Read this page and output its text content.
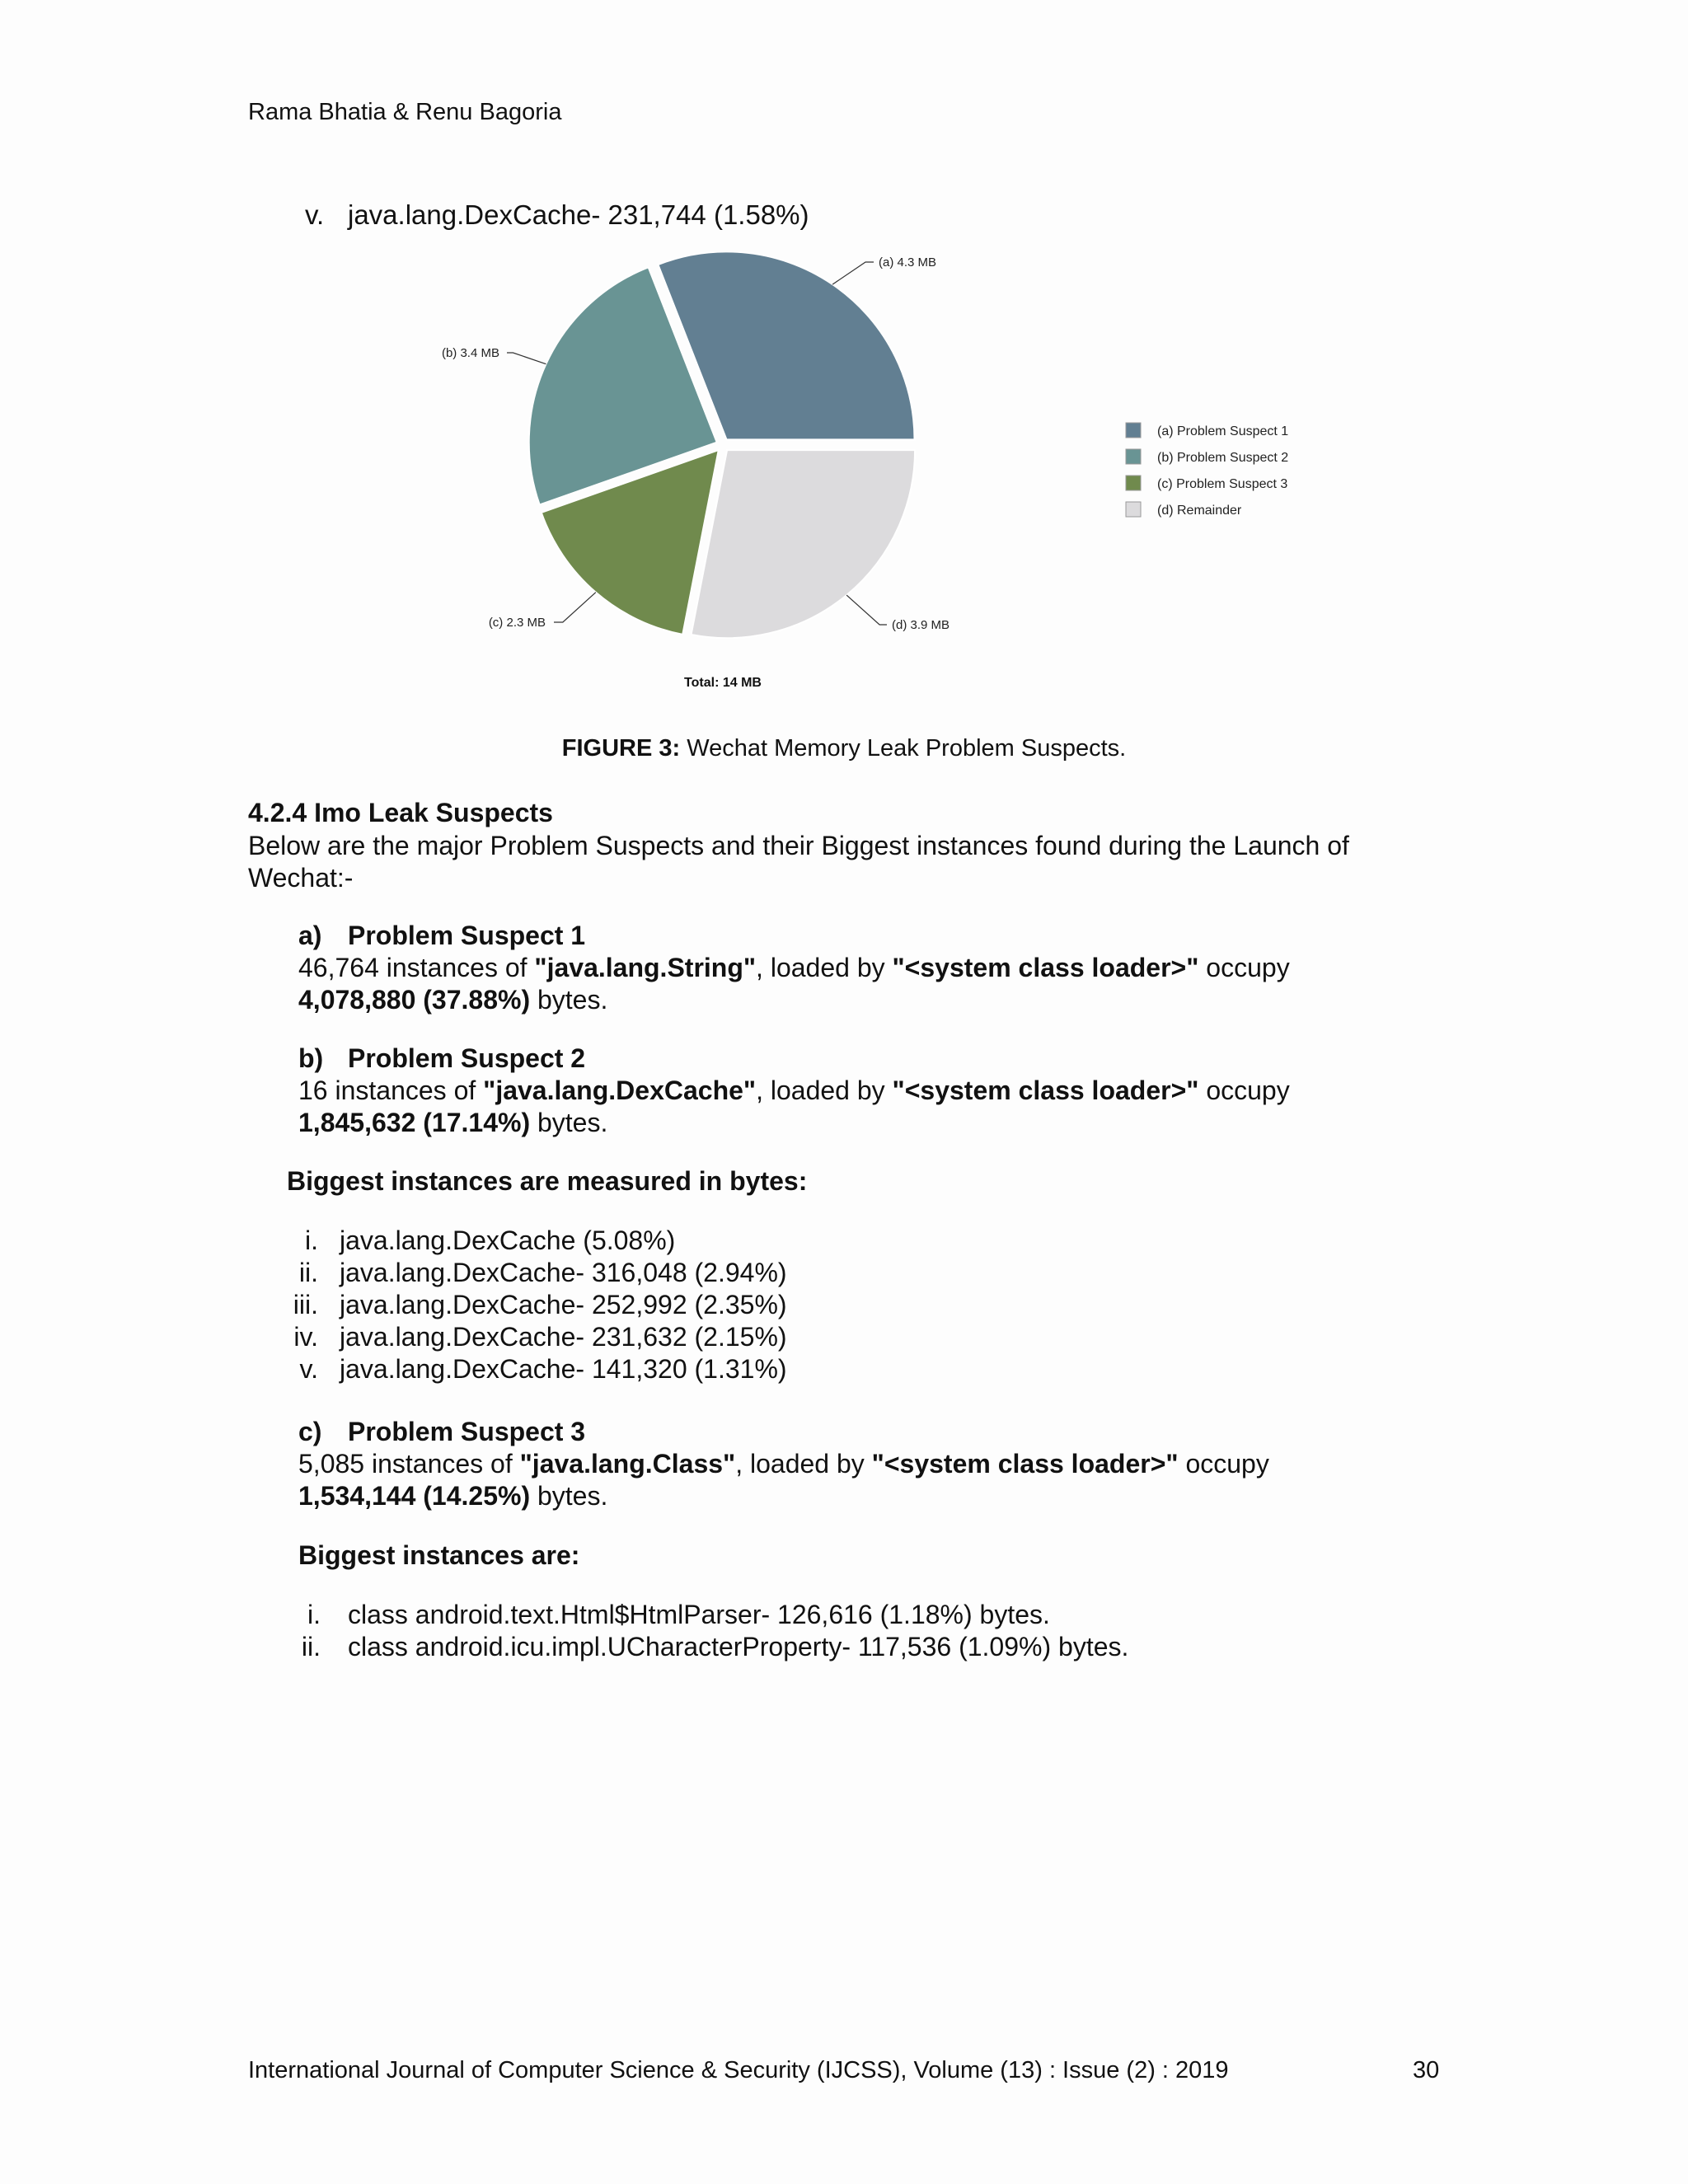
Rama Bhatia & Renu Bagoria
v. java.lang.DexCache- 231,744 (1.58%)
(a) 4.3 MB
(b) 3.4 MB
(c) 2.3 MB	(d) 3.9 MB
Total: 14 MB
(a) Problem Suspect 1
(b) Problem Suspect 2
(c) Problem Suspect 3
(d) Remainder
FIGURE 3: Wechat Memory Leak Problem Suspects.
4.2.4 Imo Leak Suspects
Below are the major Problem Suspects and their Biggest instances found during the Launch of Wechat:-
a) Problem Suspect 1
46,764 instances of "java.lang.String", loaded by "<system class loader>" occupy
4,078,880 (37.88%) bytes.
b) Problem Suspect 2
16 instances of "java.lang.DexCache", loaded by "<system class loader>" occupy
1,845,632 (17.14%) bytes.
Biggest instances are measured in bytes:
i. java.lang.DexCache (5.08%)
ii. java.lang.DexCache- 316,048 (2.94%)
iii. java.lang.DexCache- 252,992 (2.35%)
iv. java.lang.DexCache- 231,632 (2.15%)
v. java.lang.DexCache- 141,320 (1.31%)
c) Problem Suspect 3
5,085 instances of "java.lang.Class", loaded by "<system class loader>" occupy
1,534,144 (14.25%) bytes.
Biggest instances are:
i.	class android.text.Html$HtmlParser- 126,616 (1.18%) bytes.
ii.	class android.icu.impl.UCharacterProperty- 117,536 (1.09%) bytes.
International Journal of Computer Science & Security (IJCSS), Volume (13) : Issue (2) : 2019	30
